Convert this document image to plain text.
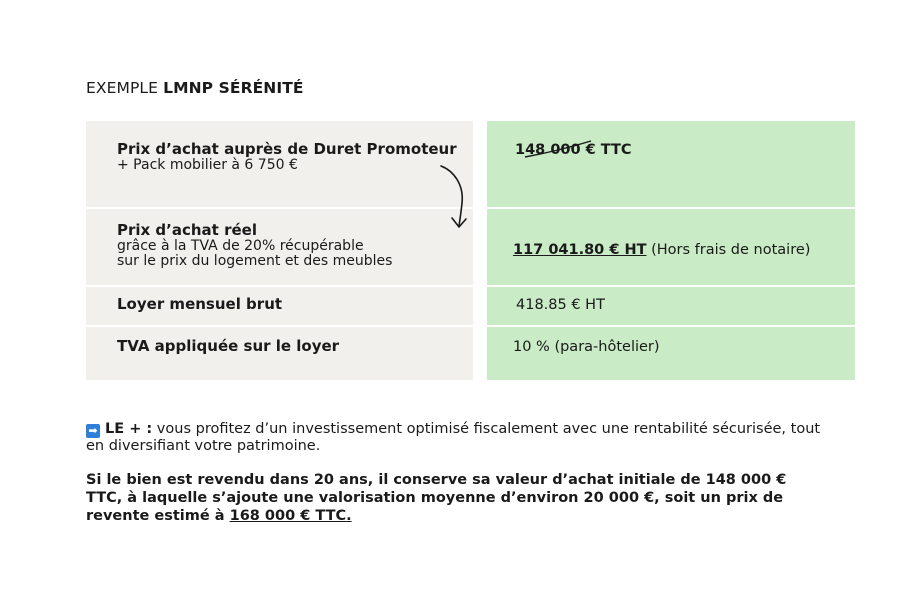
EXEMPLE LMNP SÉRÉNITÉ
Prix d’achat auprès de Duret Promoteur
+ Pack mobilier à 6 750 €
148 000 €
TTC
Prix d’achat réel
grâce à la TVA de 20% récupérable
sur le prix du logement et des meubles
117 041.80 € HT (Hors frais de notaire)
Loyer mensuel brut	418.85 € HT
TVA appliquée sur le loyer	10 % (para-hôtelier)

➡ LE + : vous profitez d’un investissement optimisé fiscalement avec une rentabilité sécurisée, tout en diversifiant votre patrimoine.

Si le bien est revendu dans 20 ans, il conserve sa valeur d’achat initiale de 148 000 € TTC, à laquelle s’ajoute une valorisation moyenne d’environ 20 000 €, soit un prix de revente estimé à 168 000 € TTC.
